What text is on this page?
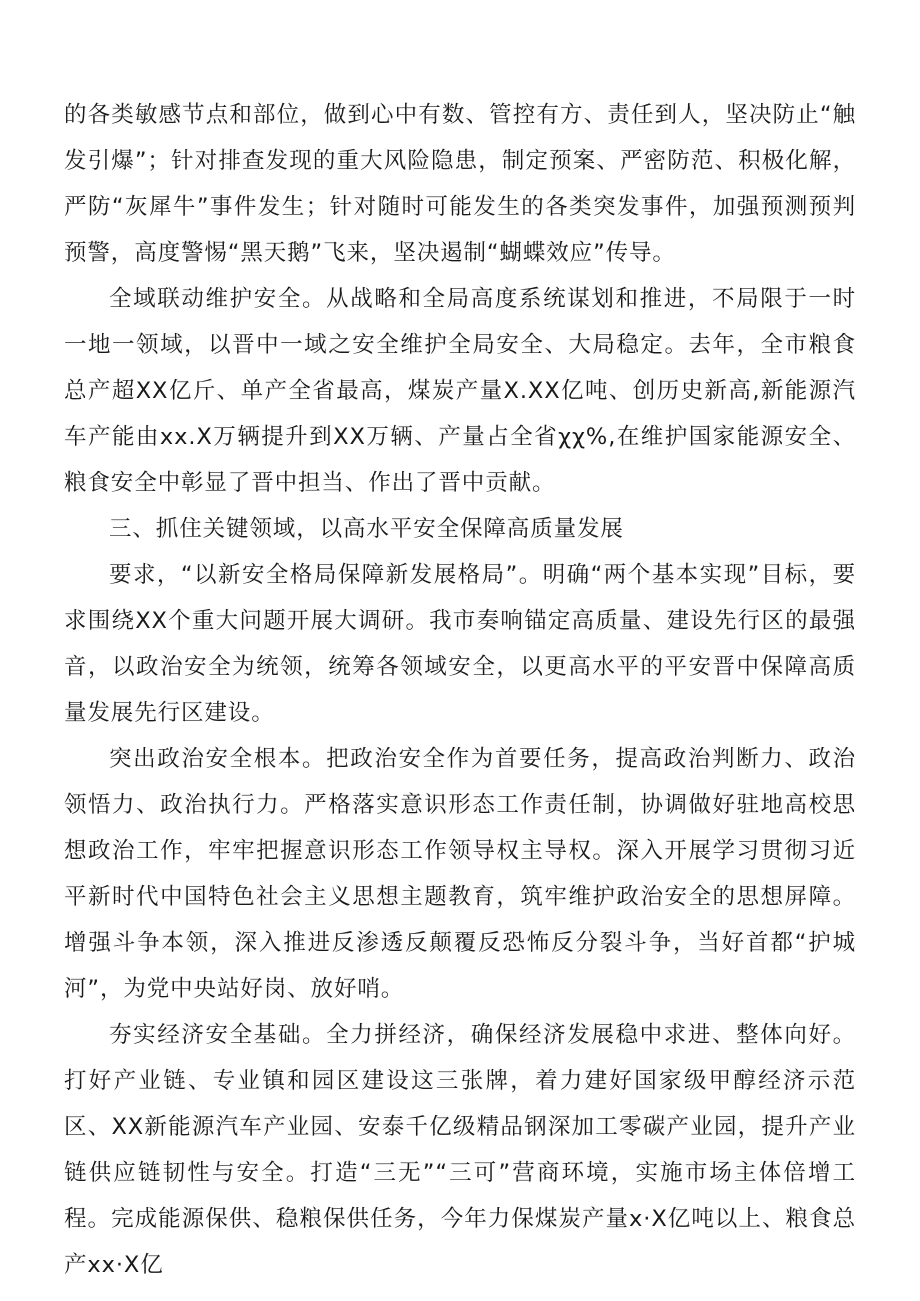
的各类敏感节点和部位，做到心中有数、管控有方、责任到人，坚决防止“触发引爆”；针对排查发现的重大风险隐患，制定预案、严密防范、积极化解，严防“灰犀牛”事件发生；针对随时可能发生的各类突发事件，加强预测预判预警，高度警惕“黑天鹅”飞来，坚决遏制“蝴蝶效应”传导。

全域联动维护安全。从战略和全局高度系统谋划和推进，不局限于一时一地一领域，以晋中一域之安全维护全局安全、大局稳定。去年，全市粮食总产超XX亿斤、单产全省最高，煤炭产量X.XX亿吨、创历史新高,新能源汽车产能由xx.X万辆提升到XX万辆、产量占全省χχ%,在维护国家能源安全、粮食安全中彰显了晋中担当、作出了晋中贡献。

三、抓住关键领域，以高水平安全保障高质量发展

要求，“以新安全格局保障新发展格局”。明确“两个基本实现”目标，要求围绕XX个重大问题开展大调研。我市奏响锚定高质量、建设先行区的最强音，以政治安全为统领，统筹各领域安全，以更高水平的平安晋中保障高质量发展先行区建设。

突出政治安全根本。把政治安全作为首要任务，提高政治判断力、政治领悟力、政治执行力。严格落实意识形态工作责任制，协调做好驻地高校思想政治工作，牢牢把握意识形态工作领导权主导权。深入开展学习贯彻习近平新时代中国特色社会主义思想主题教育，筑牢维护政治安全的思想屏障。增强斗争本领，深入推进反渗透反颠覆反恐怖反分裂斗争，当好首都“护城河”，为党中央站好岗、放好哨。

夯实经济安全基础。全力拼经济，确保经济发展稳中求进、整体向好。打好产业链、专业镇和园区建设这三张牌，着力建好国家级甲醇经济示范区、XX新能源汽车产业园、安泰千亿级精品钢深加工零碳产业园，提升产业链供应链韧性与安全。打造“三无”“三可”营商环境，实施市场主体倍增工程。完成能源保供、稳粮保供任务，今年力保煤炭产量x·X亿吨以上、粮食总产xx·X亿
